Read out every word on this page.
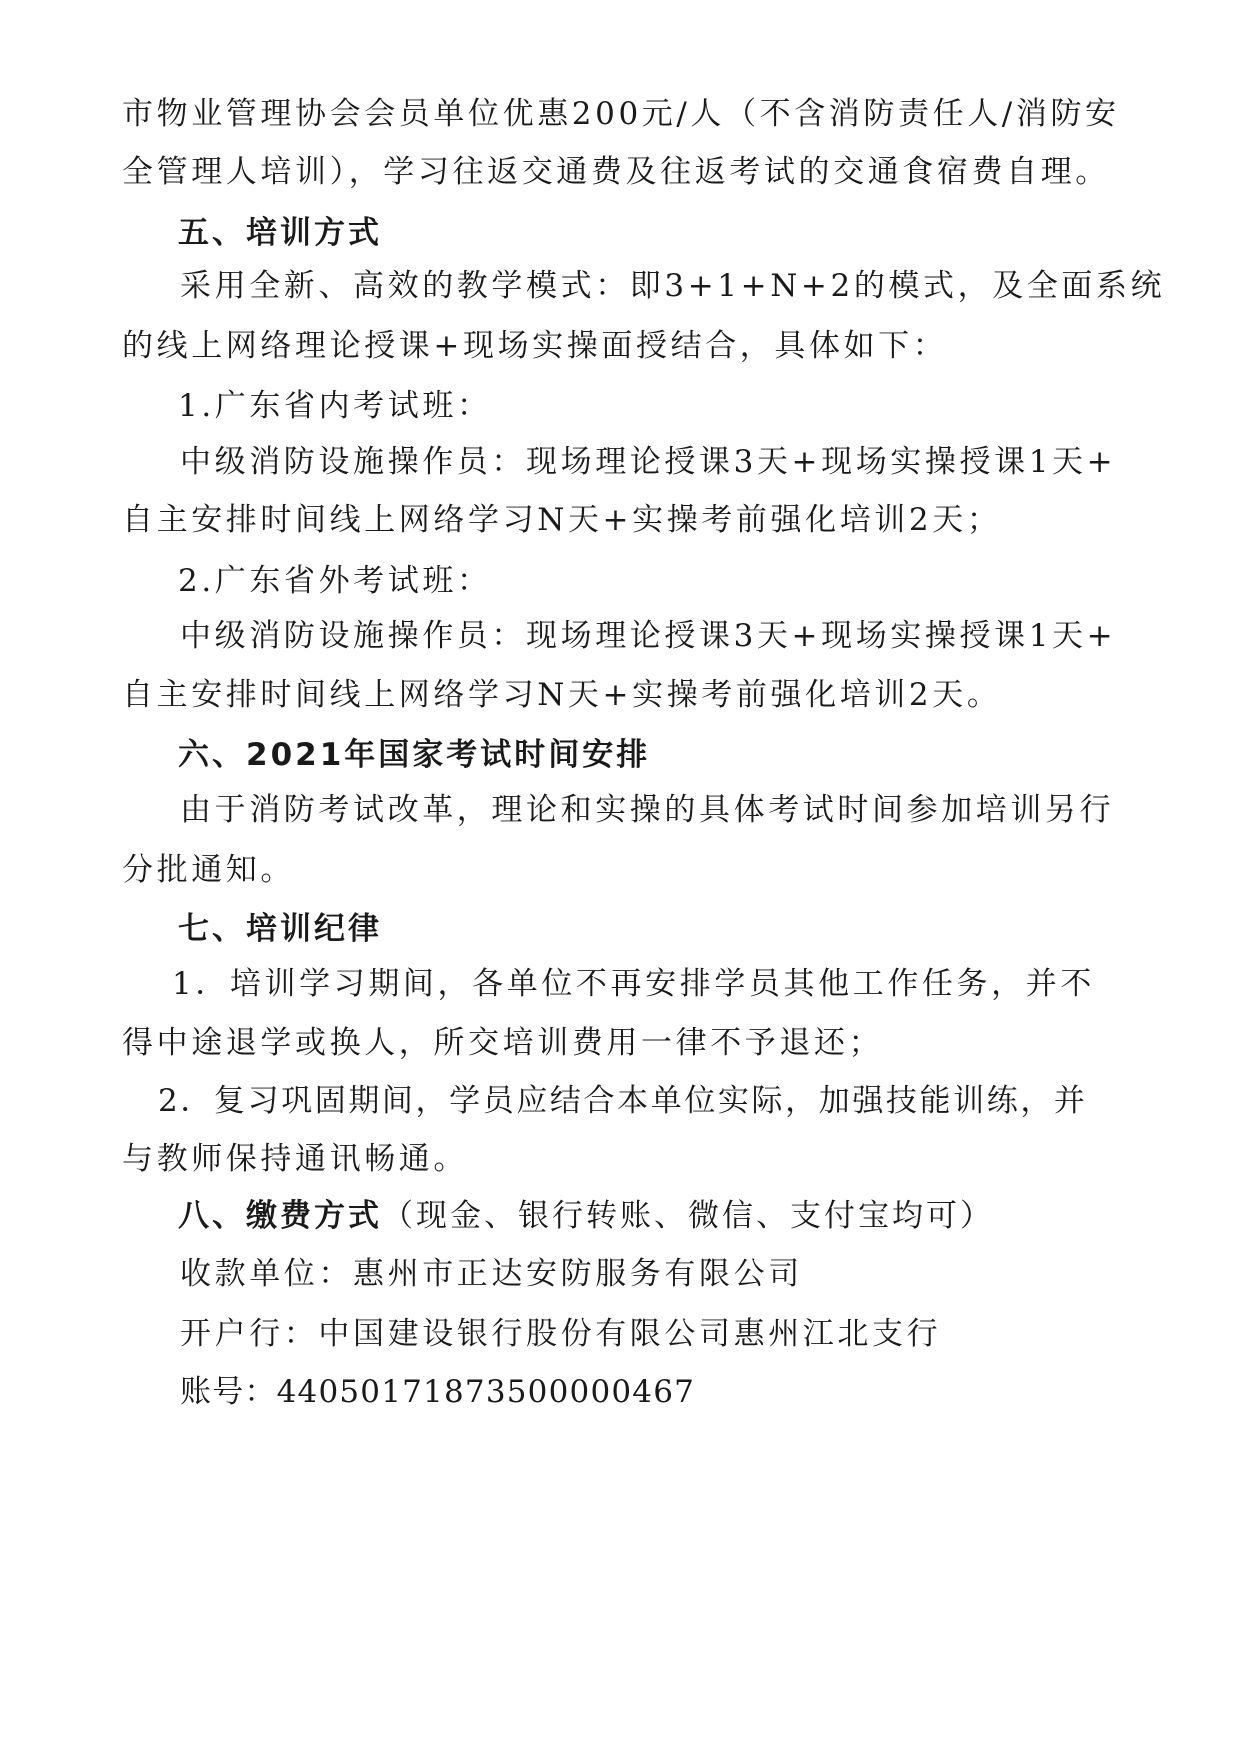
市物业管理协会会员单位优惠200元/人（不含消防责任人/消防安
全管理人培训），学习往返交通费及往返考试的交通食宿费自理。
五、培训方式
采用全新、高效的教学模式：即3+1+N+2的模式，及全面系统
的线上网络理论授课+现场实操面授结合，具体如下：
1.广东省内考试班：
中级消防设施操作员：现场理论授课3天+现场实操授课1天+
自主安排时间线上网络学习N天+实操考前强化培训2天；
2.广东省外考试班：
中级消防设施操作员：现场理论授课3天+现场实操授课1天+
自主安排时间线上网络学习N天+实操考前强化培训2天。
六、2021年国家考试时间安排
由于消防考试改革，理论和实操的具体考试时间参加培训另行
分批通知。
七、培训纪律
1．培训学习期间，各单位不再安排学员其他工作任务，并不
得中途退学或换人，所交培训费用一律不予退还；
2．复习巩固期间，学员应结合本单位实际，加强技能训练，并
与教师保持通讯畅通。
八、缴费方式（现金、银行转账、微信、支付宝均可）
收款单位：惠州市正达安防服务有限公司
开户行：中国建设银行股份有限公司惠州江北支行
账号：44050171873500000467
